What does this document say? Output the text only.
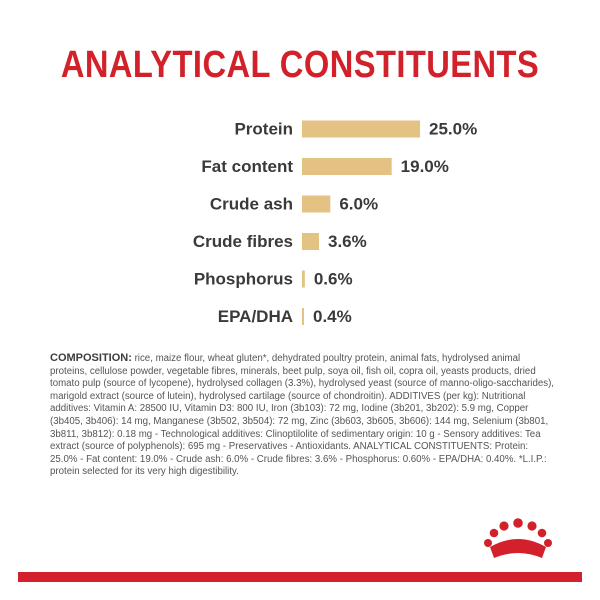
ANALYTICAL CONSTITUENTS
Protein	25.0%
Fat content	19.0%
Crude ash	6.0%
Crude fibres 3.6%
Phosphorus 0.6%
EPA/DHA 0.4%

COMPOSITION: rice, maize flour, wheat gluten*, dehydrated poultry protein, animal fats, hydrolysed animal proteins, cellulose powder, vegetable fibres, minerals, beet pulp, soya oil, fish oil, copra oil, yeasts products, dried tomato pulp (source of lycopene), hydrolysed collagen (3.3%), hydrolysed yeast (source of manno-oligo-saccharides), marigold extract (source of lutein), hydrolysed cartilage (source of chondroitin). ADDITIVES (per kg): Nutritional additives: Vitamin A: 28500 IU, Vitamin D3: 800 IU, Iron (3b103): 72 mg, Iodine (3b201, 3b202): 5.9 mg, Copper (3b405, 3b406): 14 mg, Manganese (3b502, 3b504): 72 mg, Zinc (3b603, 3b605, 3b606): 144 mg, Selenium (3b801, 3b811, 3b812): 0.18 mg - Technological additives: Clinoptilolite of sedimentary origin: 10 g - Sensory additives: Tea extract (source of polyphenols): 695 mg - Preservatives - Antioxidants. ANALYTICAL CONSTITUENTS: Protein: 25.0% - Fat content: 19.0% - Crude ash: 6.0% - Crude fibres: 3.6% - Phosphorus: 0.60% - EPA/DHA: 0.40%. *L.I.P.: protein selected for its very high digestibility.
